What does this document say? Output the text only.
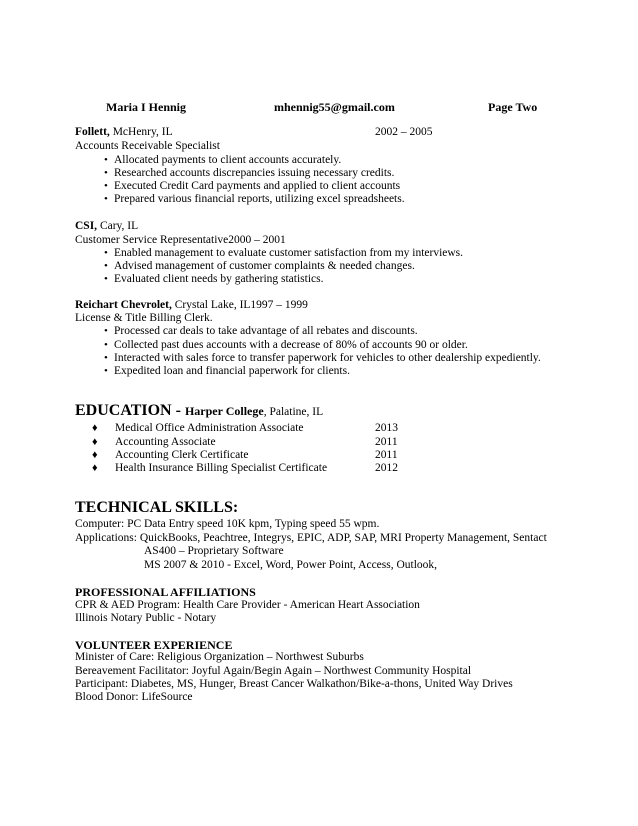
Maria I Hennig	mhennig55@gmail.com	Page Two
Follett, McHenry, IL	2002 – 2005
Accounts Receivable Specialist
• Allocated payments to client accounts accurately.
• Researched accounts discrepancies issuing necessary credits.
• Executed Credit Card payments and applied to client accounts
• Prepared various financial reports, utilizing excel spreadsheets.
CSI, Cary, IL
Customer Service Representative2000 – 2001
• Enabled management to evaluate customer satisfaction from my interviews.
• Advised management of customer complaints & needed changes.
• Evaluated client needs by gathering statistics.
Reichart Chevrolet, Crystal Lake, IL1997 – 1999
License & Title Billing Clerk.
• Processed car deals to take advantage of all rebates and discounts.
• Collected past dues accounts with a decrease of 80% of accounts 90 or older.
• Interacted with sales force to transfer paperwork for vehicles to other dealership expediently.
• Expedited loan and financial paperwork for clients.
EDUCATION - Harper College, Palatine, IL
♦ Medical Office Administration Associate	2013
♦ Accounting Associate	2011
♦ Accounting Clerk Certificate	2011
♦ Health Insurance Billing Specialist Certificate	2012
TECHNICAL SKILLS:
Computer: PC Data Entry speed 10K kpm, Typing speed 55 wpm.
Applications: QuickBooks, Peachtree, Integrys, EPIC, ADP, SAP, MRI Property Management, Sentact
AS400 – Proprietary Software
MS 2007 & 2010 - Excel, Word, Power Point, Access, Outlook,
PROFESSIONAL AFFILIATIONS
CPR & AED Program: Health Care Provider - American Heart Association
Illinois Notary Public - Notary
VOLUNTEER EXPERIENCE
Minister of Care: Religious Organization – Northwest Suburbs
Bereavement Facilitator: Joyful Again/Begin Again – Northwest Community Hospital
Participant: Diabetes, MS, Hunger, Breast Cancer Walkathon/Bike-a-thons, United Way Drives
Blood Donor: LifeSource
